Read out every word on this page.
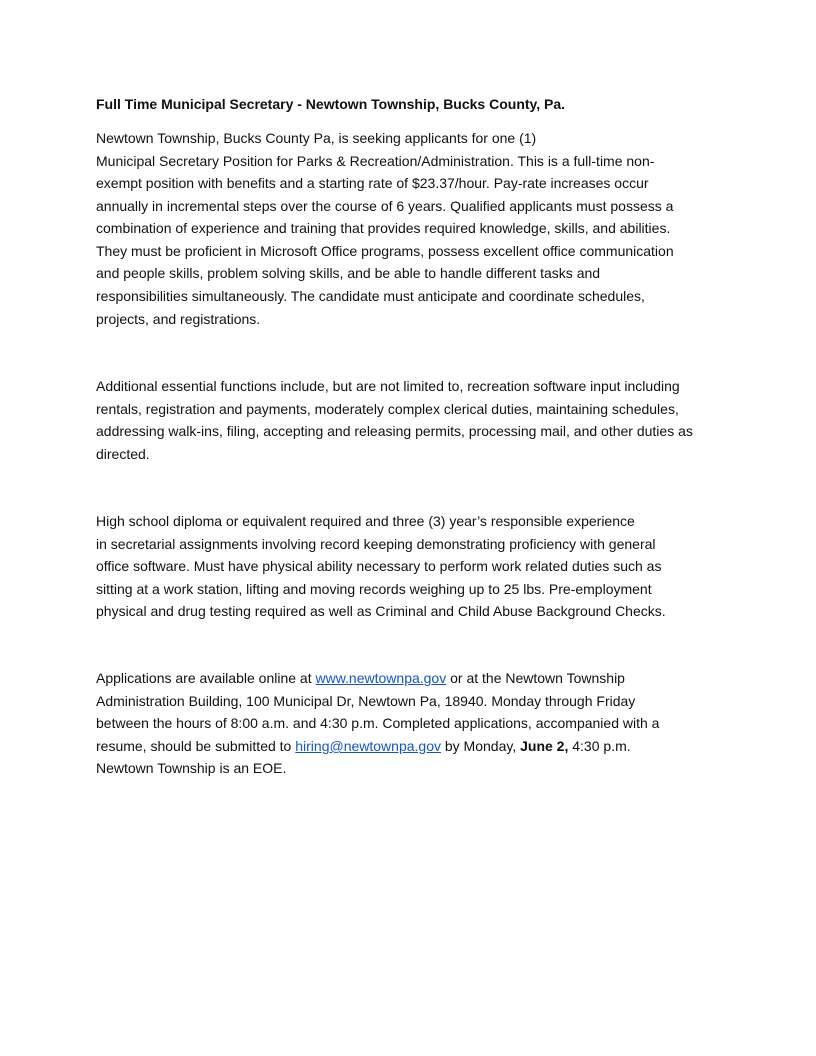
Full Time Municipal Secretary - Newtown Township, Bucks County, Pa.
Newtown Township, Bucks County Pa, is seeking applicants for one (1)
Municipal Secretary Position for Parks & Recreation/Administration. This is a full-time non-
exempt position with benefits and a starting rate of $23.37/hour. Pay-rate increases occur
annually in incremental steps over the course of 6 years. Qualified applicants must possess a
combination of experience and training that provides required knowledge, skills, and abilities.
They must be proficient in Microsoft Office programs, possess excellent office communication
and people skills, problem solving skills, and be able to handle different tasks and
responsibilities simultaneously. The candidate must anticipate and coordinate schedules,
projects, and registrations.
Additional essential functions include, but are not limited to, recreation software input including
rentals, registration and payments, moderately complex clerical duties, maintaining schedules,
addressing walk-ins, filing, accepting and releasing permits, processing mail, and other duties as
directed.
High school diploma or equivalent required and three (3) year’s responsible experience
in secretarial assignments involving record keeping demonstrating proficiency with general
office software. Must have physical ability necessary to perform work related duties such as
sitting at a work station, lifting and moving records weighing up to 25 lbs. Pre-employment
physical and drug testing required as well as Criminal and Child Abuse Background Checks.
Applications are available online at www.newtownpa.gov or at the Newtown Township
Administration Building, 100 Municipal Dr, Newtown Pa, 18940. Monday through Friday
between the hours of 8:00 a.m. and 4:30 p.m. Completed applications, accompanied with a
resume, should be submitted to hiring@newtownpa.gov by Monday, June 2, 4:30 p.m.
Newtown Township is an EOE.
